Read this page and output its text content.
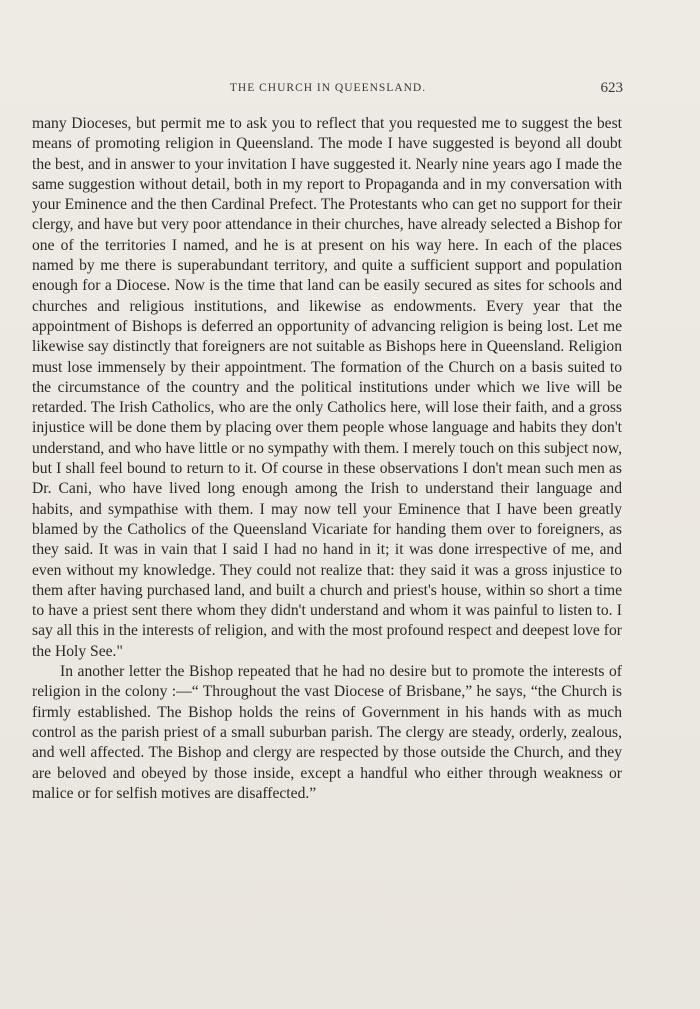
THE CHURCH IN QUEENSLAND.	623

many Dioceses, but permit me to ask you to reflect that you requested me to suggest the best means of promoting religion in Queensland. The mode I have suggested is beyond all doubt the best, and in answer to your invitation I have suggested it. Nearly nine years ago I made the same suggestion without detail, both in my report to Propaganda and in my conversation with your Eminence and the then Cardinal Prefect. The Protestants who can get no support for their clergy, and have but very poor attendance in their churches, have already selected a Bishop for one of the territories I named, and he is at present on his way here. In each of the places named by me there is superabundant territory, and quite a sufficient support and population enough for a Diocese. Now is the time that land can be easily secured as sites for schools and churches and religious institutions, and likewise as endowments. Every year that the appointment of Bishops is deferred an opportunity of advancing religion is being lost. Let me likewise say distinctly that foreigners are not suitable as Bishops here in Queensland. Religion must lose immensely by their appointment. The formation of the Church on a basis suited to the circumstance of the country and the political institutions under which we live will be retarded. The Irish Catholics, who are the only Catholics here, will lose their faith, and a gross injustice will be done them by placing over them people whose language and habits they don't understand, and who have little or no sympathy with them. I merely touch on this subject now, but I shall feel bound to return to it. Of course in these observations I don't mean such men as Dr. Cani, who have lived long enough among the Irish to understand their language and habits, and sympathise with them. I may now tell your Eminence that I have been greatly blamed by the Catholics of the Queensland Vicariate for handing them over to foreigners, as they said. It was in vain that I said I had no hand in it; it was done irrespective of me, and even without my knowledge. They could not realize that: they said it was a gross injustice to them after having purchased land, and built a church and priest's house, within so short a time to have a priest sent there whom they didn't understand and whom it was painful to listen to. I say all this in the interests of religion, and with the most profound respect and deepest love for the Holy See."

In another letter the Bishop repeated that he had no desire but to promote the interests of religion in the colony :—“ Throughout the vast Diocese of Brisbane,” he says, “the Church is firmly established. The Bishop holds the reins of Government in his hands with as much control as the parish priest of a small suburban parish. The clergy are steady, orderly, zealous, and well affected. The Bishop and clergy are respected by those outside the Church, and they are beloved and obeyed by those inside, except a handful who either through weakness or malice or for selfish motives are disaffected.”
